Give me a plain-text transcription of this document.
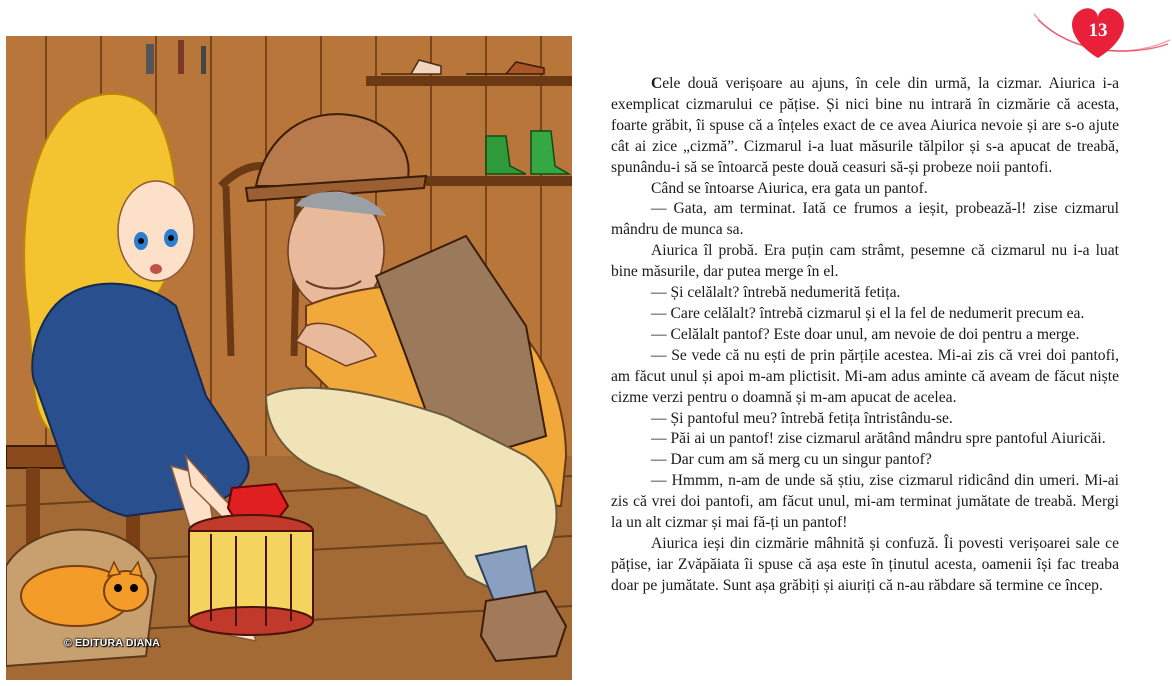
13
© EDITURA DIANA

Cele două verișoare au ajuns, în cele din urmă, la cizmar. Aiurica i-a exemplicat cizmarului ce pățise. Și nici bine nu intrară în cizmărie că acesta, foarte grăbit, îi spuse că a înțeles exact de ce avea Aiurica nevoie și are s-o ajute cât ai zice „cizmă”. Cizmarul i-a luat măsurile tălpilor și s-a apucat de treabă, spunându-i să se întoarcă peste două ceasuri să-și probeze noii pantofi.

Când se întoarse Aiurica, era gata un pantof.

— Gata, am terminat. Iată ce frumos a ieșit, probează-l! zise cizmarul mândru de munca sa.

Aiurica îl probă. Era puțin cam strâmt, pesemne că cizmarul nu i-a luat bine măsurile, dar putea merge în el.

— Și celălalt? întrebă nedumerită fetița.

— Care celălalt? întrebă cizmarul și el la fel de nedumerit precum ea.

— Celălalt pantof? Este doar unul, am nevoie de doi pentru a merge.

— Se vede că nu ești de prin părțile acestea. Mi-ai zis că vrei doi pantofi, am făcut unul și apoi m-am plictisit. Mi-am adus aminte că aveam de făcut niște cizme verzi pentru o doamnă și m-am apucat de acelea.

— Și pantoful meu? întrebă fetița întristându-se.

— Păi ai un pantof! zise cizmarul arătând mândru spre pantoful Aiuricăi.

— Dar cum am să merg cu un singur pantof?

— Hmmm, n-am de unde să știu, zise cizmarul ridicând din umeri. Mi-ai zis că vrei doi pantofi, am făcut unul, mi-am terminat jumătate de treabă. Mergi la un alt cizmar și mai fă-ți un pantof!

Aiurica ieși din cizmărie mâhnită și confuză. Îi povesti verișoarei sale ce pățise, iar Zvăpăiata îi spuse că așa este în ținutul acesta, oamenii își fac treaba doar pe jumătate. Sunt așa grăbiți și aiuriți că n-au răbdare să termine ce încep.
